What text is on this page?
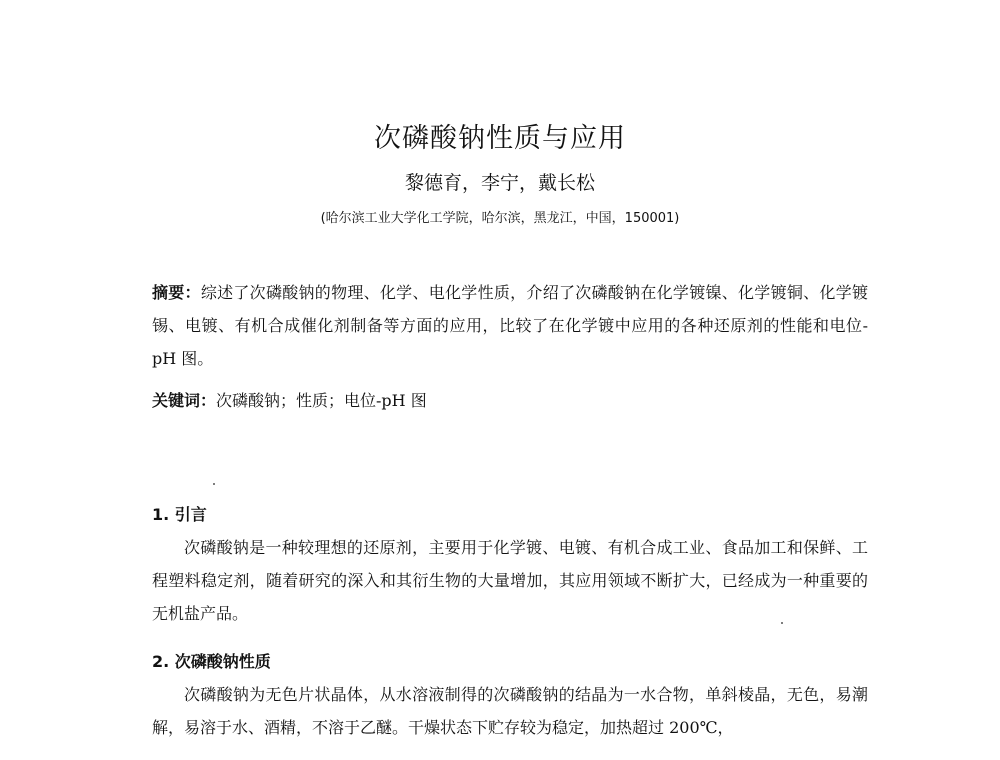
次磷酸钠性质与应用
黎德育，李宁，戴长松
(哈尔滨工业大学化工学院，哈尔滨，黑龙江，中国，150001)
摘要：综述了次磷酸钠的物理、化学、电化学性质，介绍了次磷酸钠在化学镀镍、化学镀铜、化学镀锡、电镀、有机合成催化剂制备等方面的应用，比较了在化学镀中应用的各种还原剂的性能和电位-pH 图。
关键词：次磷酸钠；性质；电位-pH 图
1. 引言
次磷酸钠是一种较理想的还原剂，主要用于化学镀、电镀、有机合成工业、食品加工和保鲜、工程塑料稳定剂，随着研究的深入和其衍生物的大量增加，其应用领域不断扩大，已经成为一种重要的无机盐产品。
2. 次磷酸钠性质
次磷酸钠为无色片状晶体，从水溶液制得的次磷酸钠的结晶为一水合物，单斜棱晶，无色，易潮解，易溶于水、酒精，不溶于乙醚。干燥状态下贮存较为稳定，加热超过 200℃，
